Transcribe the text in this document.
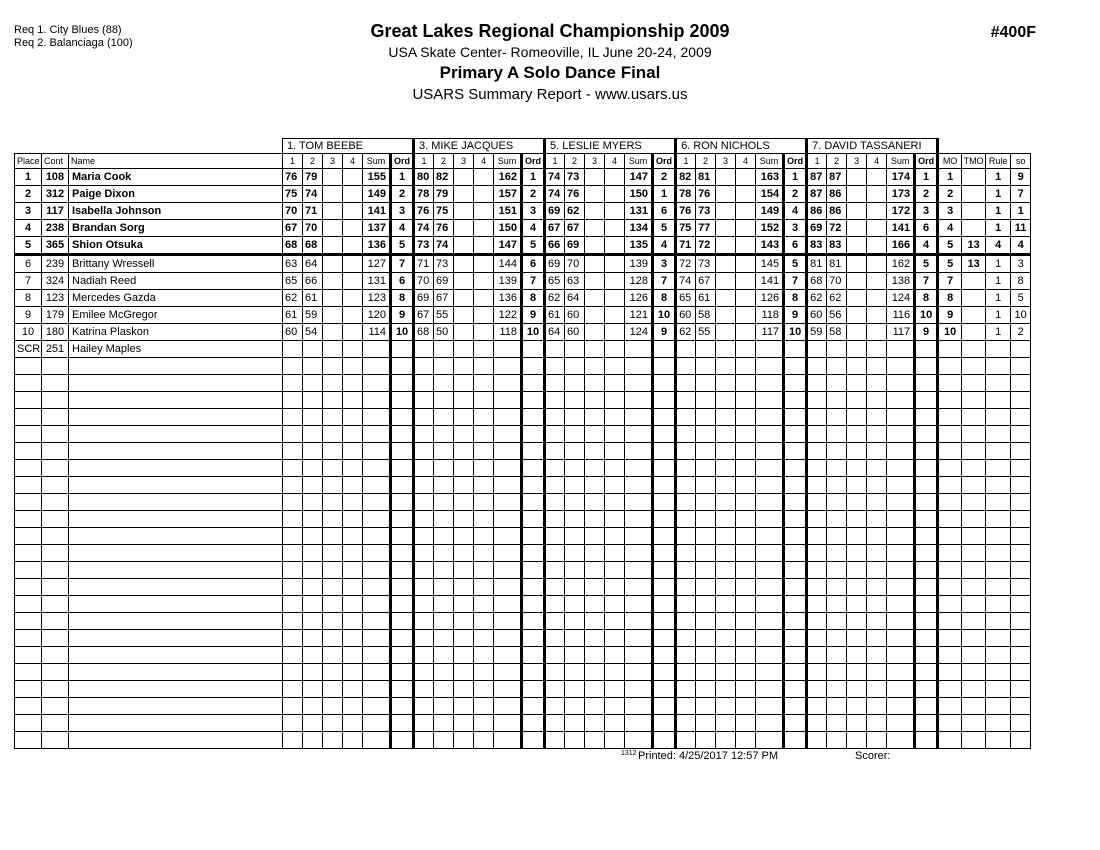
Req 1. City Blues (88)
Req 2. Balanciaga (100)
Great Lakes Regional Championship 2009
USA Skate Center- Romeoville, IL June 20-24, 2009
Primary A Solo Dance Final
USARS Summary Report - www.usars.us
#400F
			1. TOM BEEBE						3. MIKE JACQUES						5. LESLIE MYERS						6. RON NICHOLS						7. DAVID TASSANERI									
Place	Cont	Name	1	2	3	4	Sum	Ord	1	2	3	4	Sum	Ord	1	2	3	4	Sum	Ord	1	2	3	4	Sum	Ord	1	2	3	4	Sum	Ord	MO	TMO	Rule	so
1	108	Maria Cook	76	79			155	1	80	82			162	1	74	73			147	2	82	81			163	1	87	87			174	1	1		1	9
2	312	Paige Dixon	75	74			149	2	78	79			157	2	74	76			150	1	78	76			154	2	87	86			173	2	2		1	7
3	117	Isabella Johnson	70	71			141	3	76	75			151	3	69	62			131	6	76	73			149	4	86	86			172	3	3		1	1
4	238	Brandan Sorg	67	70			137	4	74	76			150	4	67	67			134	5	75	77			152	3	69	72			141	6	4		1	11
5	365	Shion Otsuka	68	68			136	5	73	74			147	5	66	69			135	4	71	72			143	6	83	83			166	4	5	13	4	4
6	239	Brittany Wressell	63	64			127	7	71	73			144	6	69	70			139	3	72	73			145	5	81	81			162	5	5	13	1	3
7	324	Nadiah Reed	65	66			131	6	70	69			139	7	65	63			128	7	74	67			141	7	68	70			138	7	7		1	8
8	123	Mercedes Gazda	62	61			123	8	69	67			136	8	62	64			126	8	65	61			126	8	62	62			124	8	8		1	5
9	179	Emilee McGregor	61	59			120	9	67	55			122	9	61	60			121	10	60	58			118	9	60	56			116	10	9		1	10
10	180	Katrina Plaskon	60	54			114	10	68	50			118	10	64	60			124	9	62	55			117	10	59	58			117	9	10		1	2
SCR	251	Hailey Maples																																		

1312 Printed: 4/25/2017 12:57 PM	Scorer:
